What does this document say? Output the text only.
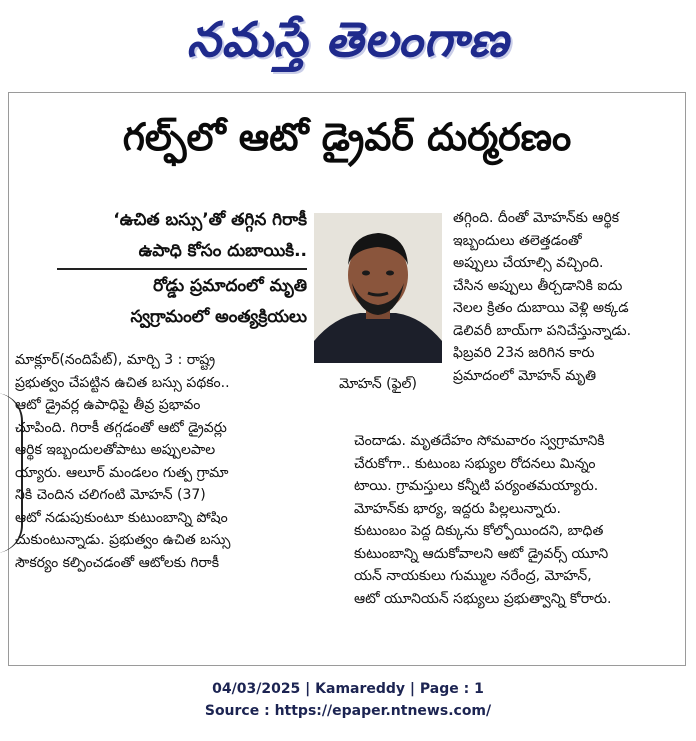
నమస్తే తెలంగాణ
గల్ఫ్‌లో ఆటో డ్రైవర్ దుర్మరణం
‘ఉచిత బస్సు’తో తగ్గిన గిరాకీ
ఉపాధి కోసం దుబాయికి..
రోడ్డు ప్రమాదంలో మృతి
స్వగ్రామంలో అంత్యక్రియలు
మోహన్ (ఫైల్)

తగ్గింది. దీంతో మోహన్‌కు ఆర్థిక

ఇబ్బందులు తలెత్తడంతో

అప్పులు చేయాల్సి వచ్చింది.

చేసిన అప్పులు తీర్చడానికి ఐదు

నెలల క్రితం దుబాయి వెళ్లి అక్కడ

డెలివరీ బాయ్‌గా పనిచేస్తున్నాడు.

ఫిబ్రవరి 23న జరిగిన కారు

ప్రమాదంలో మోహన్ మృతి

మాక్లూర్(నందిపేట్), మార్చి 3 : రాష్ట్ర

ప్రభుత్వం చేపట్టిన ఉచిత బస్సు పథకం..

ఆటో డ్రైవర్ల ఉపాధిపై తీవ్ర ప్రభావం

చూపింది. గిరాకీ తగ్గడంతో ఆటో డ్రైవర్లు

ఆర్థిక ఇబ్బందులతోపాటు అప్పులపాల

య్యారు. ఆలూర్ మండలం గుత్ప గ్రామా

నికి చెందిన చలిగంటి మోహన్ (37)

ఆటో నడుపుకుంటూ కుటుంబాన్ని పోషిం

చుకుంటున్నాడు. ప్రభుత్వం ఉచిత బస్సు

సౌకర్యం కల్పించడంతో ఆటోలకు గిరాకీ

చెందాడు. మృతదేహం సోమవారం స్వగ్రామానికి

చేరుకోగా.. కుటుంబ సభ్యుల రోదనలు మిన్నం

టాయి. గ్రామస్తులు కన్నీటి పర్యంతమయ్యారు.

మోహన్‌కు భార్య, ఇద్దరు పిల్లలున్నారు.

కుటుంబం పెద్ద దిక్కును కోల్పోయిందని, బాధిత

కుటుంబాన్ని ఆదుకోవాలని ఆటో డ్రైవర్స్ యూని

యన్ నాయకులు గుమ్ముల నరేంద్ర, మోహన్,

ఆటో యూనియన్ సభ్యులు ప్రభుత్వాన్ని కోరారు.

04/03/2025 | Kamareddy | Page : 1
Source : https://epaper.ntnews.com/
